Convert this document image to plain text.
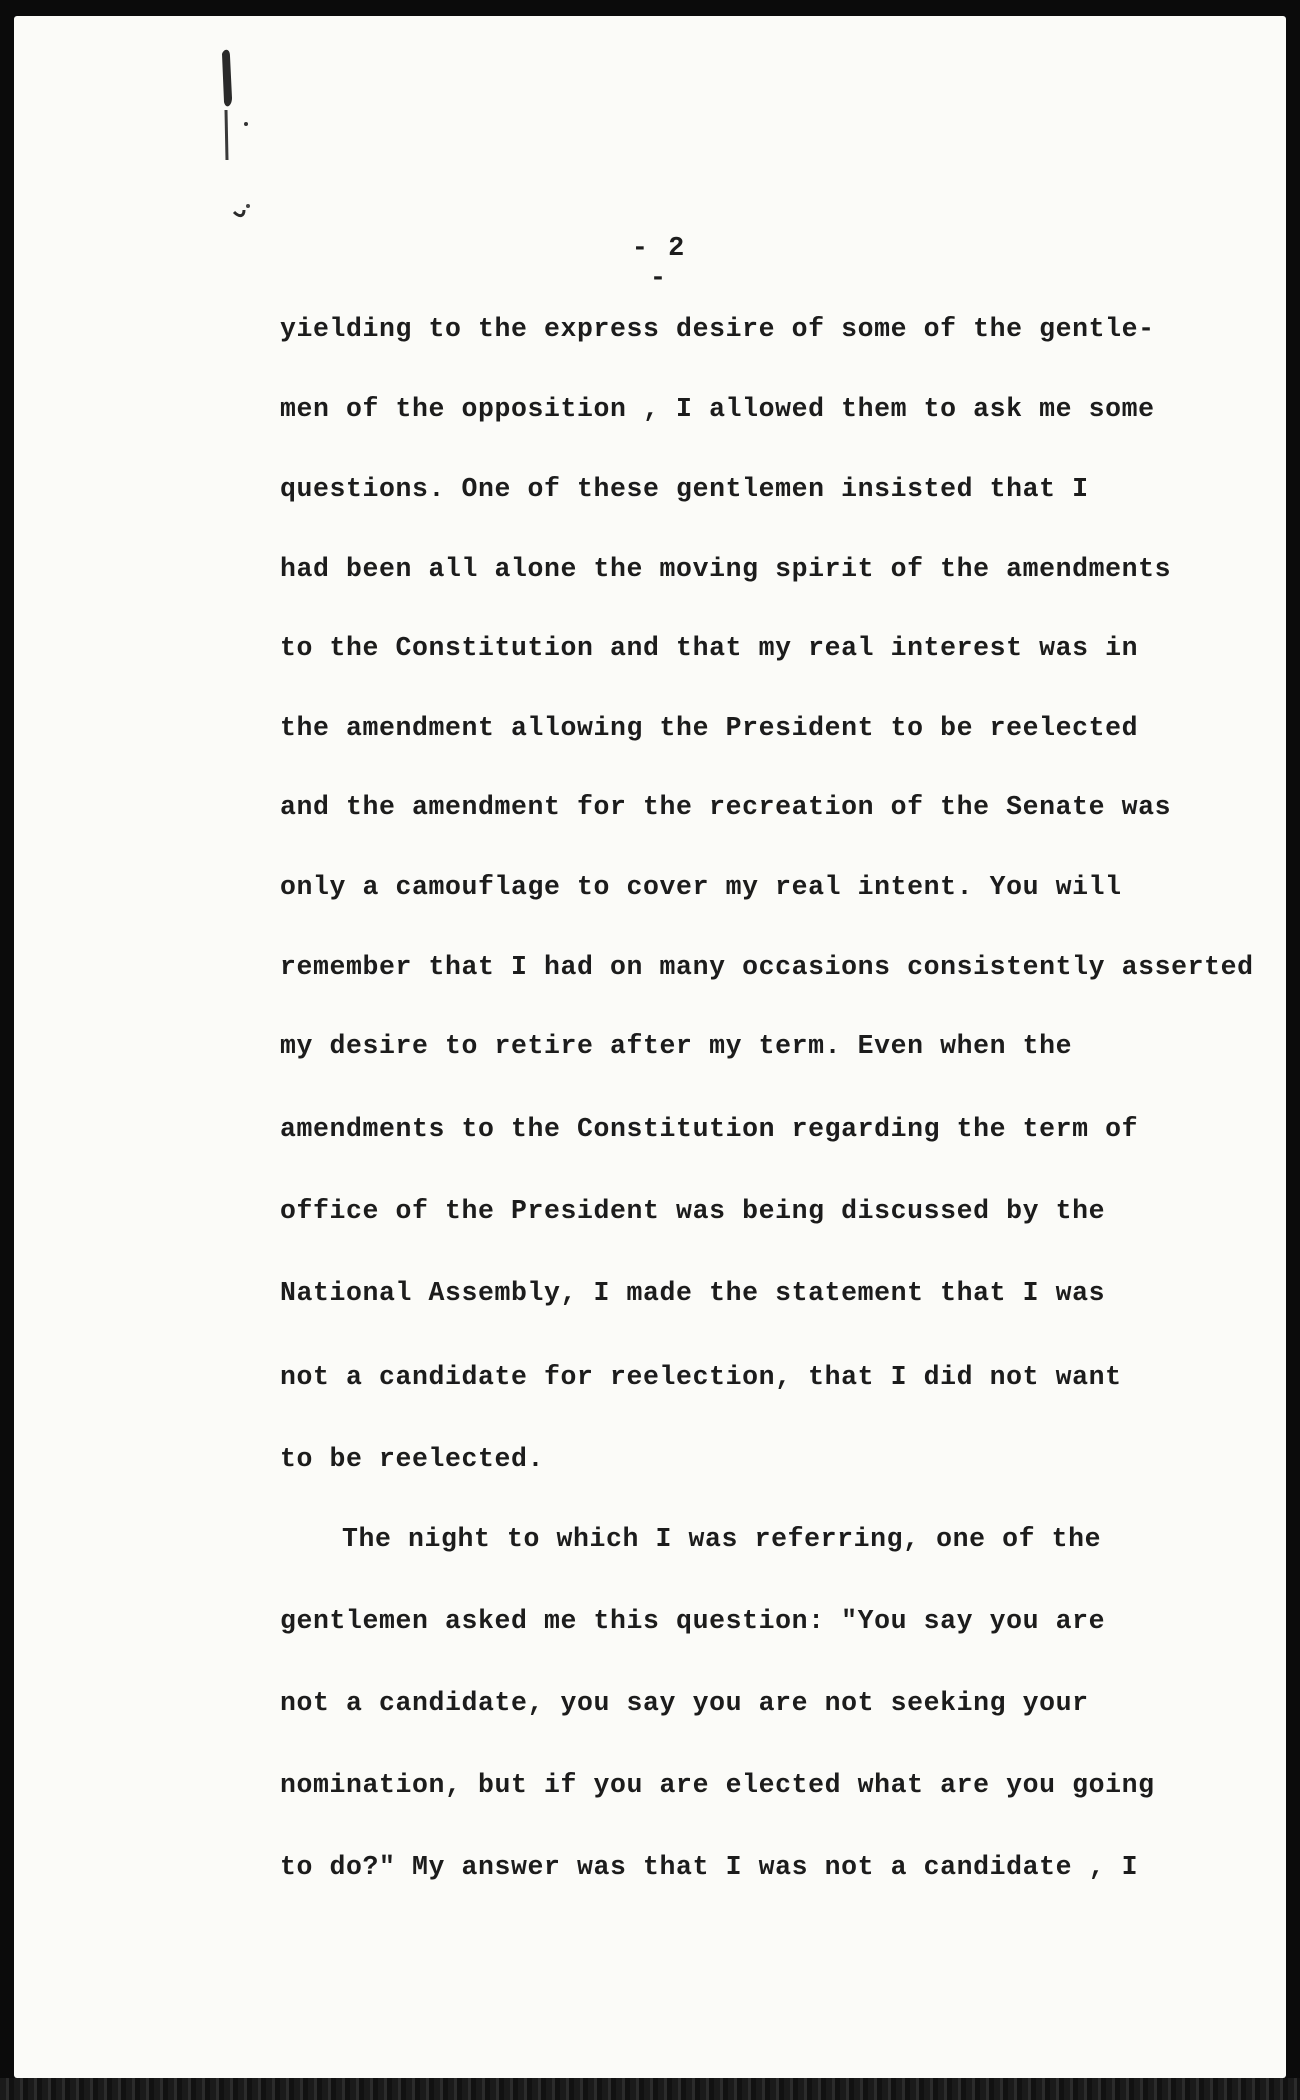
- 2 -
yielding to the express desire of some of the gentle-
men of the opposition , I allowed them to ask me some
questions. One of these gentlemen insisted that I
had been all alone the moving spirit of the amendments
to the Constitution and that my real interest was in
the amendment allowing the President to be reelected
and the amendment for the recreation of the Senate was
only a camouflage to cover my real intent. You will
remember that I had on many occasions consistently asserted
my desire to retire after my term. Even when the
amendments to the Constitution regarding the term of
office of the President was being discussed by the
National Assembly, I made the statement that I was
not a candidate for reelection, that I did not want
to be reelected.
The night to which I was referring, one of the
gentlemen asked me this question: "You say you are
not a candidate, you say you are not seeking your
nomination, but if you are elected what are you going
to do?" My answer was that I was not a candidate , I
